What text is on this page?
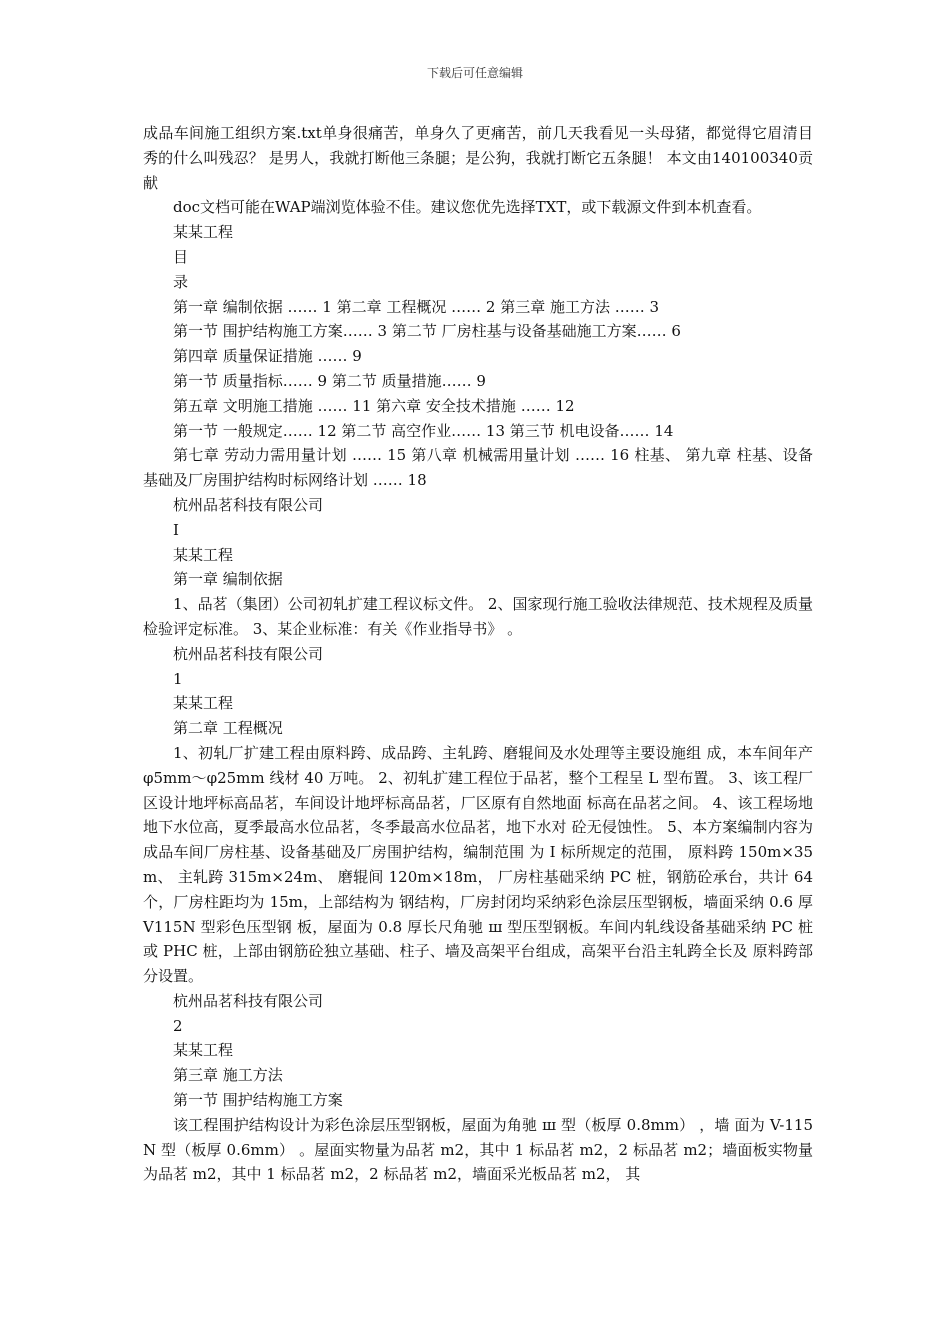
下载后可任意编辑

成品车间施工组织方案.txt单身很痛苦，单身久了更痛苦，前几天我看见一头母猪，都觉得它眉清目秀的什么叫残忍？ 是男人，我就打断他三条腿；是公狗，我就打断它五条腿！ 本文由140100340贡献

doc文档可能在WAP端浏览体验不佳。建议您优先选择TXT，或下载源文件到本机查看。

某某工程

目

录

第一章 编制依据 …… 1 第二章 工程概况 …… 2 第三章 施工方法 …… 3

第一节 围护结构施工方案…… 3 第二节 厂房柱基与设备基础施工方案…… 6

第四章 质量保证措施 …… 9

第一节 质量指标…… 9 第二节 质量措施…… 9

第五章 文明施工措施 …… 11 第六章 安全技术措施 …… 12

第一节 一般规定…… 12 第二节 高空作业…… 13 第三节 机电设备…… 14

第七章 劳动力需用量计划 …… 15 第八章 机械需用量计划 …… 16 柱基、 第九章 柱基、设备基础及厂房围护结构时标网络计划 …… 18

杭州品茗科技有限公司

I

某某工程

第一章 编制依据

1、品茗（集团）公司初轧扩建工程议标文件。 2、国家现行施工验收法律规范、技术规程及质量检验评定标准。 3、某企业标准：有关《作业指导书》 。

杭州品茗科技有限公司

1

某某工程

第二章 工程概况

1、初轧厂扩建工程由原料跨、成品跨、主轧跨、磨辊间及水处理等主要设施组 成，本车间年产 φ5mm～φ25mm 线材 40 万吨。 2、初轧扩建工程位于品茗，整个工程呈 L 型布置。 3、该工程厂区设计地坪标高品茗，车间设计地坪标高品茗，厂区原有自然地面 标高在品茗之间。 4、该工程场地地下水位高，夏季最高水位品茗，冬季最高水位品茗，地下水对 砼无侵蚀性。 5、本方案编制内容为成品车间厂房柱基、设备基础及厂房围护结构，编制范围 为 I 标所规定的范围， 原料跨 150m×35m、 主轧跨 315m×24m、 磨辊间 120m×18m， 厂房柱基础采纳 PC 桩，钢筋砼承台，共计 64 个，厂房柱距均为 15m，上部结构为 钢结构，厂房封闭均采纳彩色涂层压型钢板，墙面采纳 0.6 厚 V115N 型彩色压型钢 板，屋面为 0.8 厚长尺角驰 ш 型压型钢板。车间内轧线设备基础采纳 PC 桩或 PHC 桩，上部由钢筋砼独立基础、柱子、墙及高架平台组成，高架平台沿主轧跨全长及 原料跨部分设置。

杭州品茗科技有限公司

2

某某工程

第三章 施工方法

第一节 围护结构施工方案

该工程围护结构设计为彩色涂层压型钢板，屋面为角驰 ш 型（板厚 0.8mm） ，墙 面为 V-115N 型（板厚 0.6mm） 。屋面实物量为品茗 m2，其中 1 标品茗 m2，2 标品茗 m2；墙面板实物量为品茗 m2，其中 1 标品茗 m2，2 标品茗 m2，墙面采光板品茗 m2， 其
